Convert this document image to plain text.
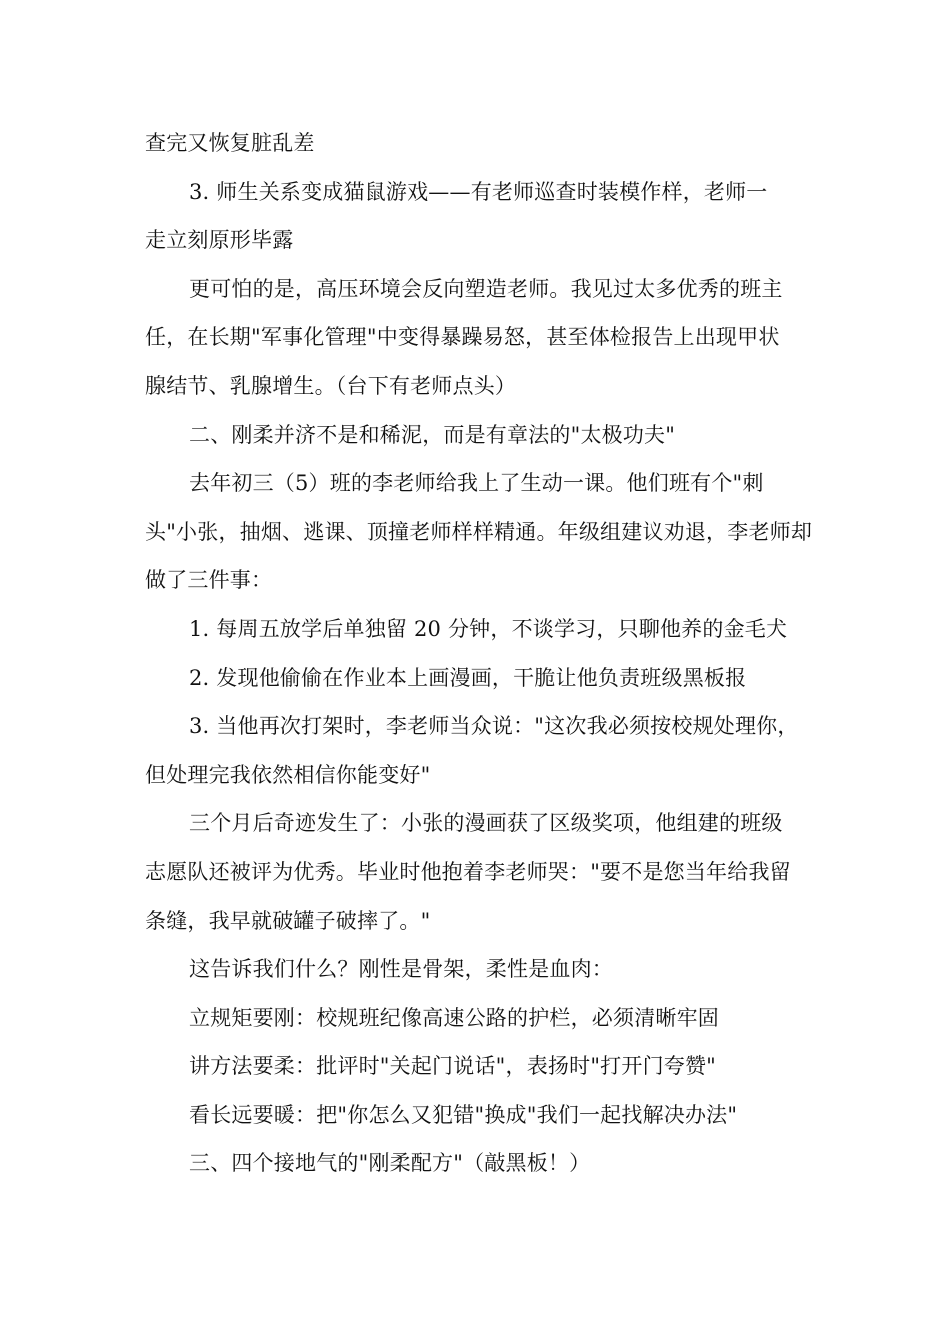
查完又恢复脏乱差
3. 师生关系变成猫鼠游戏——有老师巡查时装模作样，老师一
走立刻原形毕露
更可怕的是，高压环境会反向塑造老师。我见过太多优秀的班主
任，在长期"军事化管理"中变得暴躁易怒，甚至体检报告上出现甲状
腺结节、乳腺增生。（台下有老师点头）
二、刚柔并济不是和稀泥，而是有章法的"太极功夫"
去年初三（5）班的李老师给我上了生动一课。他们班有个"刺
头"小张，抽烟、逃课、顶撞老师样样精通。年级组建议劝退，李老师却
做了三件事：
1. 每周五放学后单独留 20 分钟，不谈学习，只聊他养的金毛犬
2. 发现他偷偷在作业本上画漫画，干脆让他负责班级黑板报
3. 当他再次打架时，李老师当众说："这次我必须按校规处理你，
但处理完我依然相信你能变好"
三个月后奇迹发生了：小张的漫画获了区级奖项，他组建的班级
志愿队还被评为优秀。毕业时他抱着李老师哭："要不是您当年给我留
条缝，我早就破罐子破摔了。"
这告诉我们什么？刚性是骨架，柔性是血肉：
立规矩要刚：校规班纪像高速公路的护栏，必须清晰牢固
讲方法要柔：批评时"关起门说话"，表扬时"打开门夸赞"
看长远要暖：把"你怎么又犯错"换成"我们一起找解决办法"
三、四个接地气的"刚柔配方"（敲黑板！）
